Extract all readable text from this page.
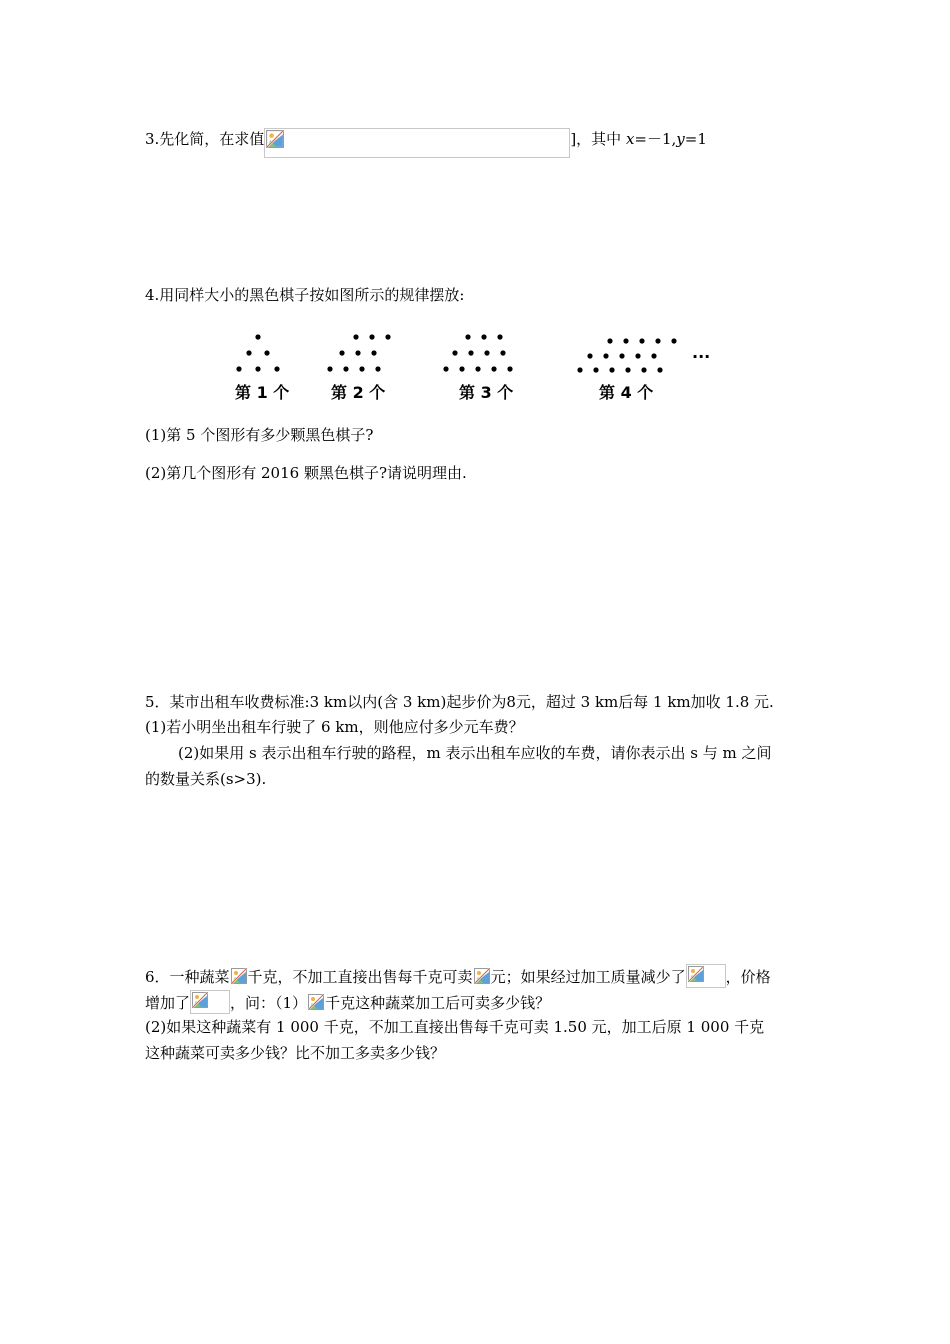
3.先化简，在求值	]，其中 x=－1,y=1
4.用同样大小的黑色棋子按如图所示的规律摆放:
第 1 个	第 2 个	第 3 个	第 4 个
···
(1)第 5 个图形有多少颗黑色棋子?
(2)第几个图形有 2016 颗黑色棋子?请说明理由.
5．某市出租车收费标准:3 km以内(含 3 km)起步价为8元，超过 3 km后每 1 km加收 1.8 元.
(1)若小明坐出租车行驶了 6 km，则他应付多少元车费？
(2)如果用 s 表示出租车行驶的路程，m 表示出租车应收的车费，请你表示出 s 与 m 之间
的数量关系(s>3).
6．一种蔬菜 千克，不加工直接出售每千克可卖 元；如果经过加工质量减少了	，价格
增加了	，问：（1） 千克这种蔬菜加工后可卖多少钱？
(2)如果这种蔬菜有 1 000 千克，不加工直接出售每千克可卖 1.50 元，加工后原 1 000 千克
这种蔬菜可卖多少钱？比不加工多卖多少钱？
